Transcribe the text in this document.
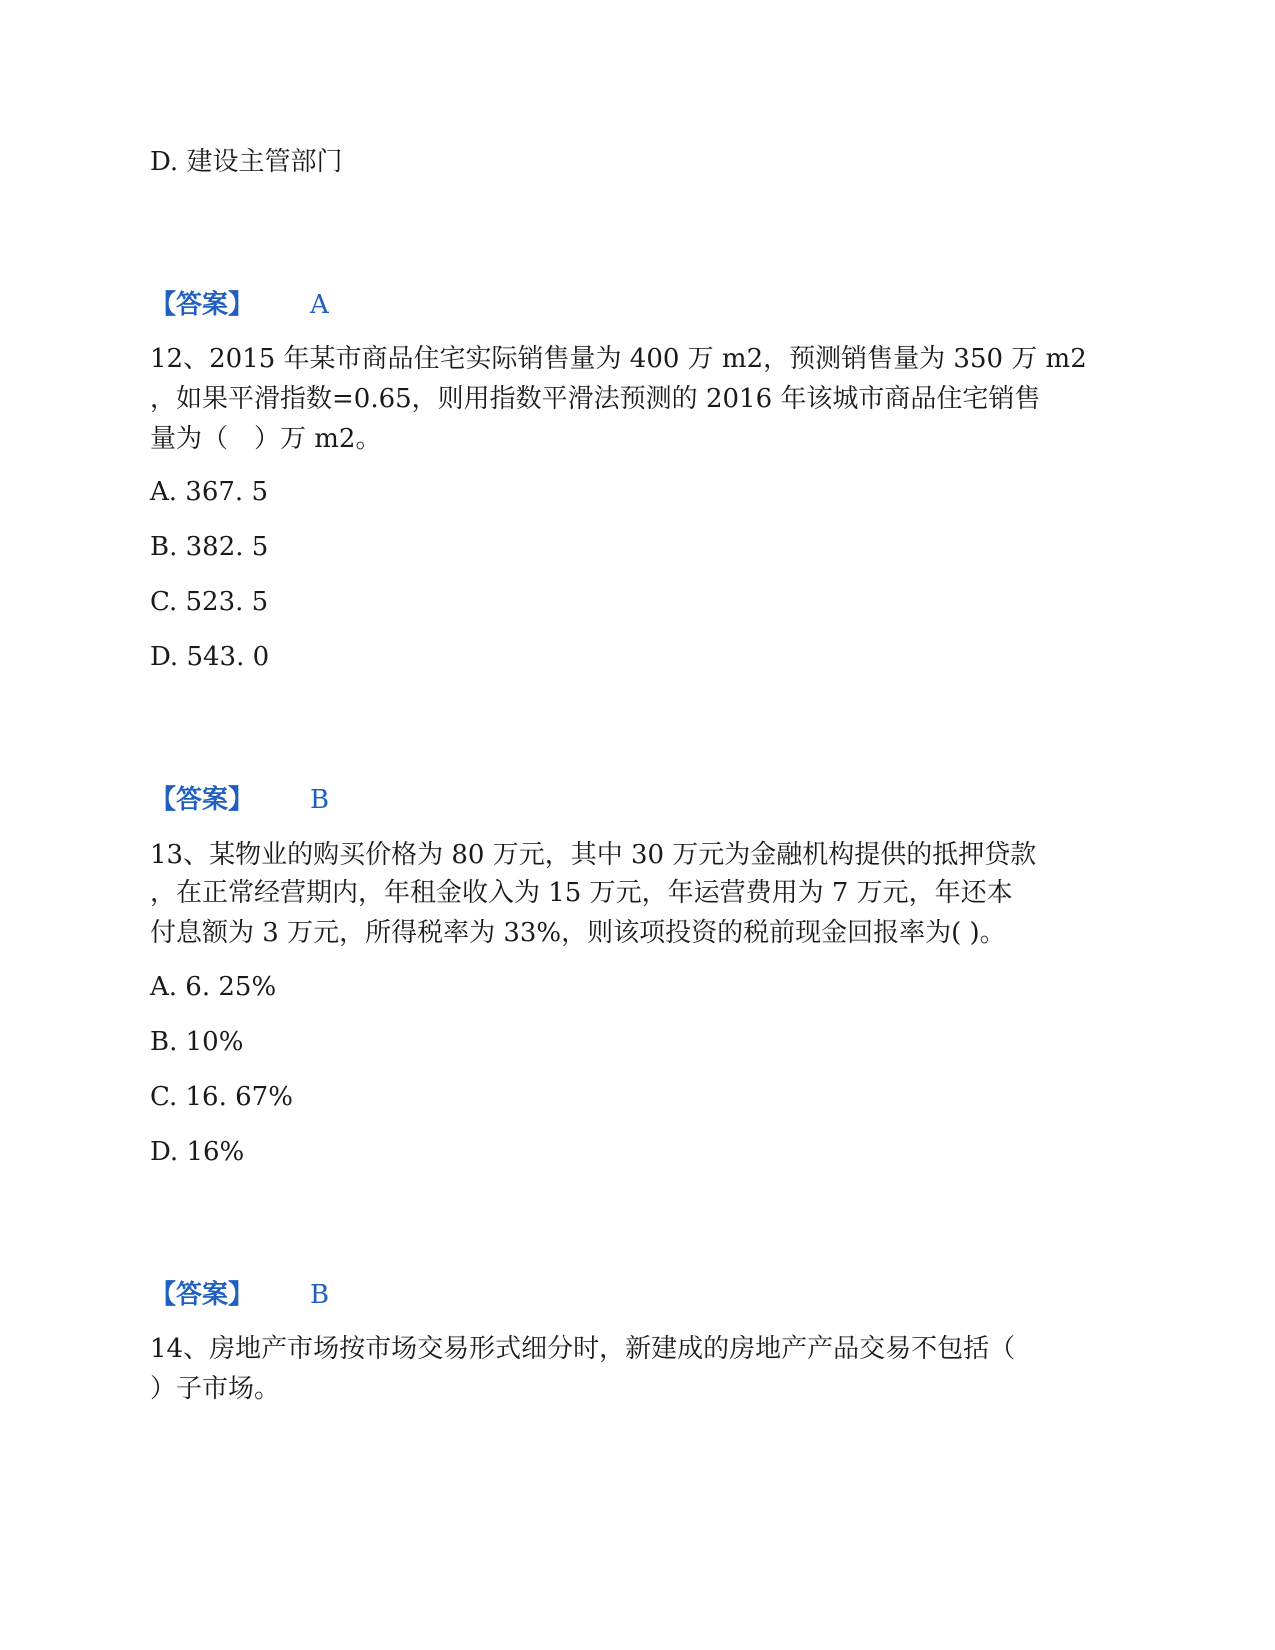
D. 建设主管部门
【答案】 A
12、2015 年某市商品住宅实际销售量为 400 万 m2，预测销售量为 350 万 m2
，如果平滑指数=0.65，则用指数平滑法预测的 2016 年该城市商品住宅销售
量为（　）万 m2。
A. 367. 5
B. 382. 5
C. 523. 5
D. 543. 0
【答案】 B
13、某物业的购买价格为 80 万元，其中 30 万元为金融机构提供的抵押贷款
，在正常经营期内，年租金收入为 15 万元，年运营费用为 7 万元，年还本
付息额为 3 万元，所得税率为 33%，则该项投资的税前现金回报率为( )。
A. 6. 25%
B. 10%
C. 16. 67%
D. 16%
【答案】 B
14、房地产市场按市场交易形式细分时，新建成的房地产产品交易不包括（
）子市场。
